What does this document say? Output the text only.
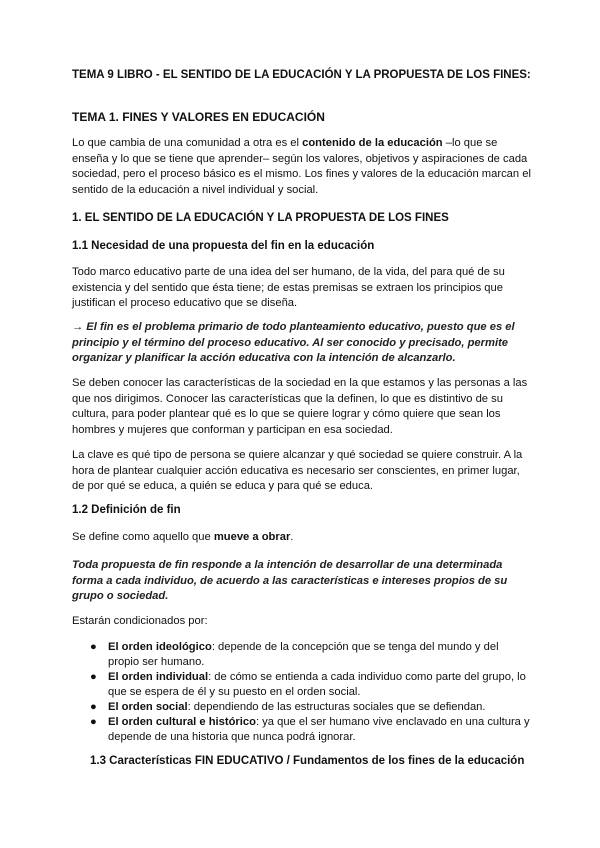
TEMA 9 LIBRO - EL SENTIDO DE LA EDUCACIÓN Y LA PROPUESTA DE LOS FINES:

TEMA 1. FINES Y VALORES EN EDUCACIÓN

Lo que cambia de una comunidad a otra es el contenido de la educación –lo que se enseña y lo que se tiene que aprender– según los valores, objetivos y aspiraciones de cada sociedad, pero el proceso básico es el mismo. Los fines y valores de la educación marcan el sentido de la educación a nivel individual y social.

1. EL SENTIDO DE LA EDUCACIÓN Y LA PROPUESTA DE LOS FINES

1.1 Necesidad de una propuesta del fin en la educación

Todo marco educativo parte de una idea del ser humano, de la vida, del para qué de su existencia y del sentido que ésta tiene; de estas premisas se extraen los principios que justifican el proceso educativo que se diseña.

→ El fin es el problema primario de todo planteamiento educativo, puesto que es el principio y el término del proceso educativo. Al ser conocido y precisado, permite organizar y planificar la acción educativa con la intención de alcanzarlo.

Se deben conocer las características de la sociedad en la que estamos y las personas a las que nos dirigimos. Conocer las características que la definen, lo que es distintivo de su cultura, para poder plantear qué es lo que se quiere lograr y cómo quiere que sean los hombres y mujeres que conforman y participan en esa sociedad.

La clave es qué tipo de persona se quiere alcanzar y qué sociedad se quiere construir. A la hora de plantear cualquier acción educativa es necesario ser conscientes, en primer lugar, de por qué se educa, a quién se educa y para qué se educa.

1.2 Definición de fin

Se define como aquello que mueve a obrar.

Toda propuesta de fin responde a la intención de desarrollar de una determinada forma a cada individuo, de acuerdo a las características e intereses propios de su grupo o sociedad.

Estarán condicionados por:

● El orden ideológico: depende de la concepción que se tenga del mundo y del propio ser humano.
● El orden individual: de cómo se entienda a cada individuo como parte del grupo, lo que se espera de él y su puesto en el orden social.
● El orden social: dependiendo de las estructuras sociales que se defiendan.
● El orden cultural e histórico: ya que el ser humano vive enclavado en una cultura y depende de una historia que nunca podrá ignorar.

1.3 Características FIN EDUCATIVO / Fundamentos de los fines de la educación
